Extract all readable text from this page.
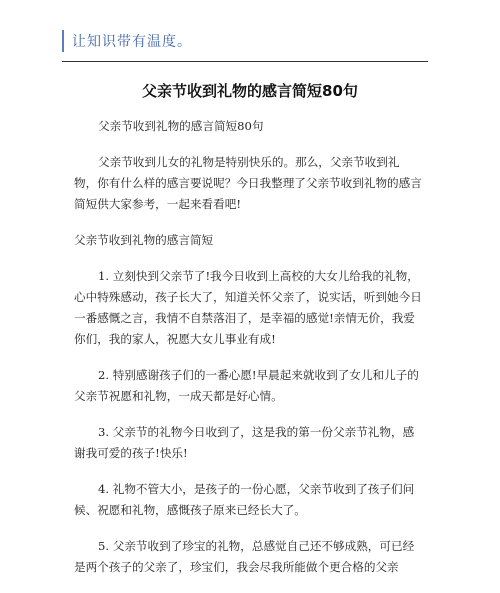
让知识带有温度。
父亲节收到礼物的感言简短80句

父亲节收到礼物的感言简短80句

父亲节收到儿女的礼物是特别快乐的。那么，父亲节收到礼物，你有什么样的感言要说呢？今日我整理了父亲节收到礼物的感言简短供大家参考，一起来看看吧!

父亲节收到礼物的感言简短

1. 立刻快到父亲节了!我今日收到上高校的大女儿给我的礼物，心中特殊感动，孩子长大了，知道关怀父亲了，说实话，听到她今日一番感慨之言，我情不自禁落泪了，是幸福的感觉!亲情无价，我爱你们，我的家人，祝愿大女儿事业有成!

2. 特别感谢孩子们的一番心愿!早晨起来就收到了女儿和儿子的父亲节祝愿和礼物，一成天都是好心情。

3. 父亲节的礼物今日收到了，这是我的第一份父亲节礼物，感谢我可爱的孩子!快乐!

4. 礼物不管大小，是孩子的一份心愿，父亲节收到了孩子们问候、祝愿和礼物，感慨孩子原来已经长大了。

5. 父亲节收到了珍宝的礼物，总感觉自己还不够成熟，可已经是两个孩子的父亲了，珍宝们，我会尽我所能做个更合格的父亲
